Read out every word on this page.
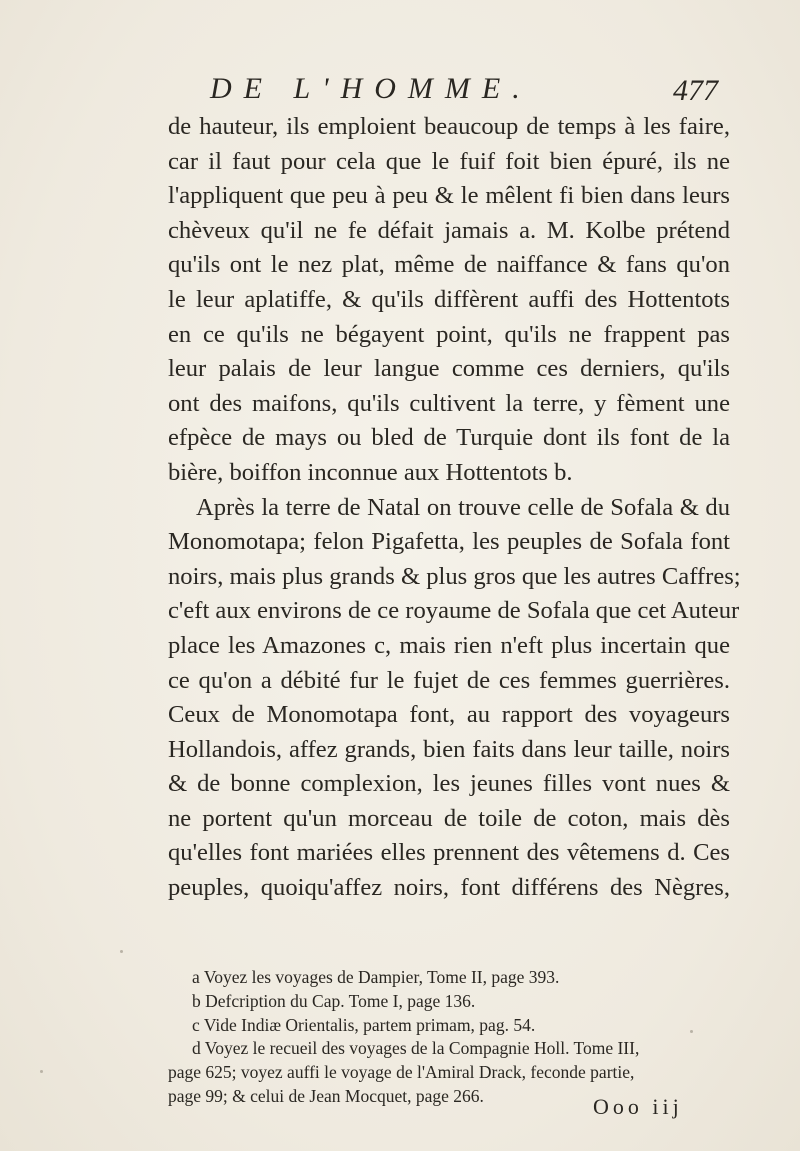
DE L'HOMME.	477
de hauteur, ils emploient beaucoup de temps à les faire,
car il faut pour cela que le fuif foit bien épuré, ils ne
l'appliquent que peu à peu & le mêlent fi bien dans leurs
chèveux qu'il ne fe défait jamais a. M. Kolbe prétend
qu'ils ont le nez plat, même de naiffance & fans qu'on
le leur aplatiffe, & qu'ils diffèrent auffi des Hottentots
en ce qu'ils ne bégayent point, qu'ils ne frappent pas
leur palais de leur langue comme ces derniers, qu'ils
ont des maifons, qu'ils cultivent la terre, y fèment une
efpèce de mays ou bled de Turquie dont ils font de la
bière, boiffon inconnue aux Hottentots b.
Après la terre de Natal on trouve celle de Sofala & du
Monomotapa; felon Pigafetta, les peuples de Sofala font
noirs, mais plus grands & plus gros que les autres Caffres;
c'eft aux environs de ce royaume de Sofala que cet Auteur
place les Amazones c, mais rien n'eft plus incertain que
ce qu'on a débité fur le fujet de ces femmes guerrières.
Ceux de Monomotapa font, au rapport des voyageurs
Hollandois, affez grands, bien faits dans leur taille, noirs
& de bonne complexion, les jeunes filles vont nues &
ne portent qu'un morceau de toile de coton, mais dès
qu'elles font mariées elles prennent des vêtemens d. Ces
peuples, quoiqu'affez noirs, font différens des Nègres,
a Voyez les voyages de Dampier, Tome II, page 393.
b Defcription du Cap. Tome I, page 136.
c Vide Indiæ Orientalis, partem primam, pag. 54.
d Voyez le recueil des voyages de la Compagnie Holl. Tome III,
page 625; voyez auffi le voyage de l'Amiral Drack, feconde partie,
page 99; & celui de Jean Mocquet, page 266.	Ooo iij
